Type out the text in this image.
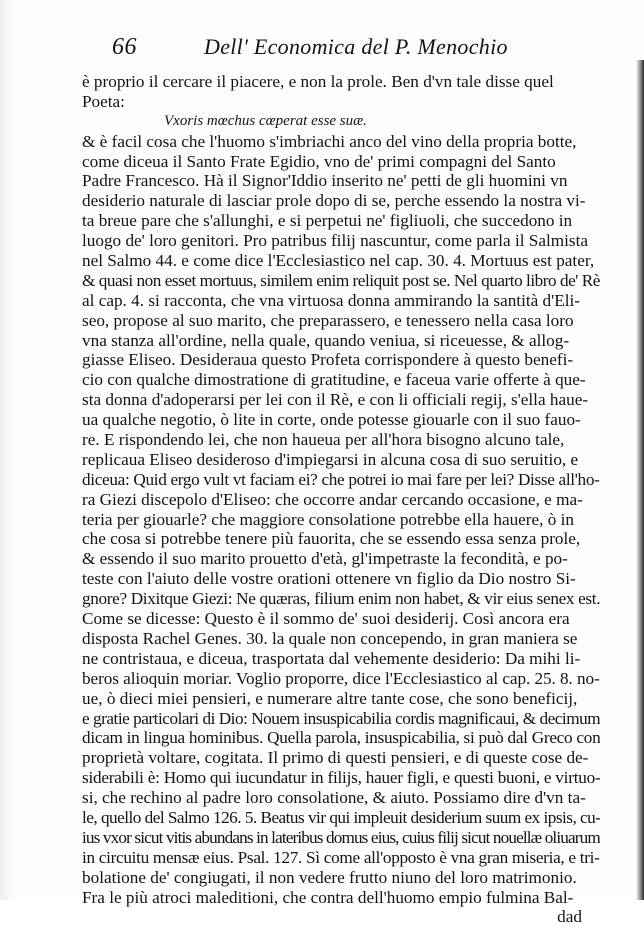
66	Dell' Economica del P. Menochio
è proprio il cercare il piacere, e non la prole. Ben d'vn tale disse quel
Poeta:
Vxoris mœchus cœperat esse suæ.
& è facil cosa che l'huomo s'imbriachi anco del vino della propria botte,
come diceua il Santo Frate Egidio, vno de' primi compagni del Santo
Padre Francesco. Hà il Signor'Iddio inserito ne' petti de gli huomini vn
desiderio naturale di lasciar prole dopo di se, perche essendo la nostra vi-
ta breue pare che s'allunghi, e si perpetui ne' figliuoli, che succedono in
luogo de' loro genitori. Pro patribus filij nascuntur, come parla il Salmista
nel Salmo 44. e come dice l'Ecclesiastico nel cap. 30. 4. Mortuus est pater,
& quasi non esset mortuus, similem enim reliquit post se. Nel quarto libro de' Rè
al cap. 4. si racconta, che vna virtuosa donna ammirando la santità d'Eli-
seo, propose al suo marito, che preparassero, e tenessero nella casa loro
vna stanza all'ordine, nella quale, quando veniua, si riceuesse, & allog-
giasse Eliseo. Desideraua questo Profeta corrispondere à questo benefi-
cio con qualche dimostratione di gratitudine, e faceua varie offerte à que-
sta donna d'adoperarsi per lei con il Rè, e con li officiali regij, s'ella haue-
ua qualche negotio, ò lite in corte, onde potesse giouarle con il suo fauo-
re. E rispondendo lei, che non haueua per all'hora bisogno alcuno tale,
replicaua Eliseo desideroso d'impiegarsi in alcuna cosa di suo seruitio, e
diceua: Quid ergo vult vt faciam ei? che potrei io mai fare per lei? Disse all'ho-
ra Giezi discepolo d'Eliseo: che occorre andar cercando occasione, e ma-
teria per giouarle? che maggiore consolatione potrebbe ella hauere, ò in
che cosa si potrebbe tenere più fauorita, che se essendo essa senza prole,
& essendo il suo marito prouetto d'età, gl'impetraste la fecondità, e po-
teste con l'aiuto delle vostre orationi ottenere vn figlio da Dio nostro Si-
gnore? Dixitque Giezi: Ne quæras, filium enim non habet, & vir eius senex est.
Come se dicesse: Questo è il sommo de' suoi desiderij. Così ancora era
disposta Rachel Genes. 30. la quale non concependo, in gran maniera se
ne contristaua, e diceua, trasportata dal vehemente desiderio: Da mihi li-
beros alioquin moriar. Voglio proporre, dice l'Ecclesiastico al cap. 25. 8. no-
ue, ò dieci miei pensieri, e numerare altre tante cose, che sono beneficij,
e gratie particolari di Dio: Nouem insuspicabilia cordis magnificaui, & decimum
dicam in lingua hominibus. Quella parola, insuspicabilia, si può dal Greco con
proprietà voltare, cogitata. Il primo di questi pensieri, e di queste cose de-
siderabili è: Homo qui iucundatur in filijs, hauer figli, e questi buoni, e virtuo-
si, che rechino al padre loro consolatione, & aiuto. Possiamo dire d'vn ta-
le, quello del Salmo 126. 5. Beatus vir qui impleuit desiderium suum ex ipsis, cu-
ius vxor sicut vitis abundans in lateribus domus eius, cuius filij sicut nouellæ oliuarum
in circuitu mensæ eius. Psal. 127. Sì come all'opposto è vna gran miseria, e tri-
bolatione de' congiugati, il non vedere frutto niuno del loro matrimonio.
Fra le più atroci maleditioni, che contra dell'huomo empio fulmina Bal-
dad
